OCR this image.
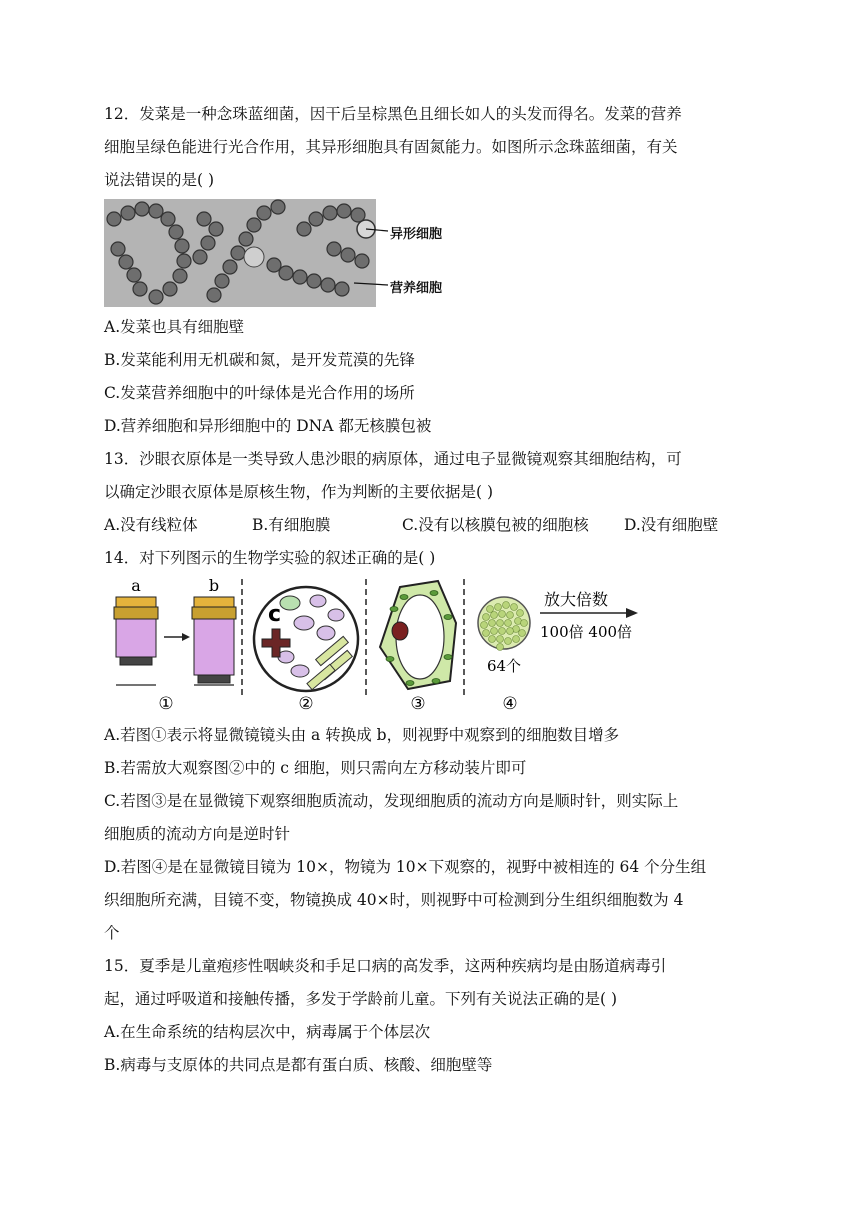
12．发菜是一种念珠蓝细菌，因干后呈棕黑色且细长如人的头发而得名。发菜的营养

细胞呈绿色能进行光合作用，其异形细胞具有固氮能力。如图所示念珠蓝细菌，有关

说法错误的是( )

异形细胞
营养细胞

A.发菜也具有细胞壁

B.发菜能利用无机碳和氮，是开发荒漠的先锋

C.发菜营养细胞中的叶绿体是光合作用的场所

D.营养细胞和异形细胞中的 DNA 都无核膜包被

13．沙眼衣原体是一类导致人患沙眼的病原体，通过电子显微镜观察其细胞结构，可

以确定沙眼衣原体是原核生物，作为判断的主要依据是( )

A.没有线粒体	B.有细胞膜	C.没有以核膜包被的细胞核	D.没有细胞壁

14．对下列图示的生物学实验的叙述正确的是( )

①	②	③	④
a	b
c
放大倍数
100倍 400倍
64个

A.若图①表示将显微镜镜头由 a 转换成 b，则视野中观察到的细胞数目增多

B.若需放大观察图②中的 c 细胞，则只需向左方移动装片即可

C.若图③是在显微镜下观察细胞质流动，发现细胞质的流动方向是顺时针，则实际上

细胞质的流动方向是逆时针

D.若图④是在显微镜目镜为 10×，物镜为 10×下观察的，视野中被相连的 64 个分生组

织细胞所充满，目镜不变，物镜换成 40×时，则视野中可检测到分生组织细胞数为 4

个

15．夏季是儿童疱疹性咽峡炎和手足口病的高发季，这两种疾病均是由肠道病毒引

起，通过呼吸道和接触传播，多发于学龄前儿童。下列有关说法正确的是( )

A.在生命系统的结构层次中，病毒属于个体层次

B.病毒与支原体的共同点是都有蛋白质、核酸、细胞壁等
